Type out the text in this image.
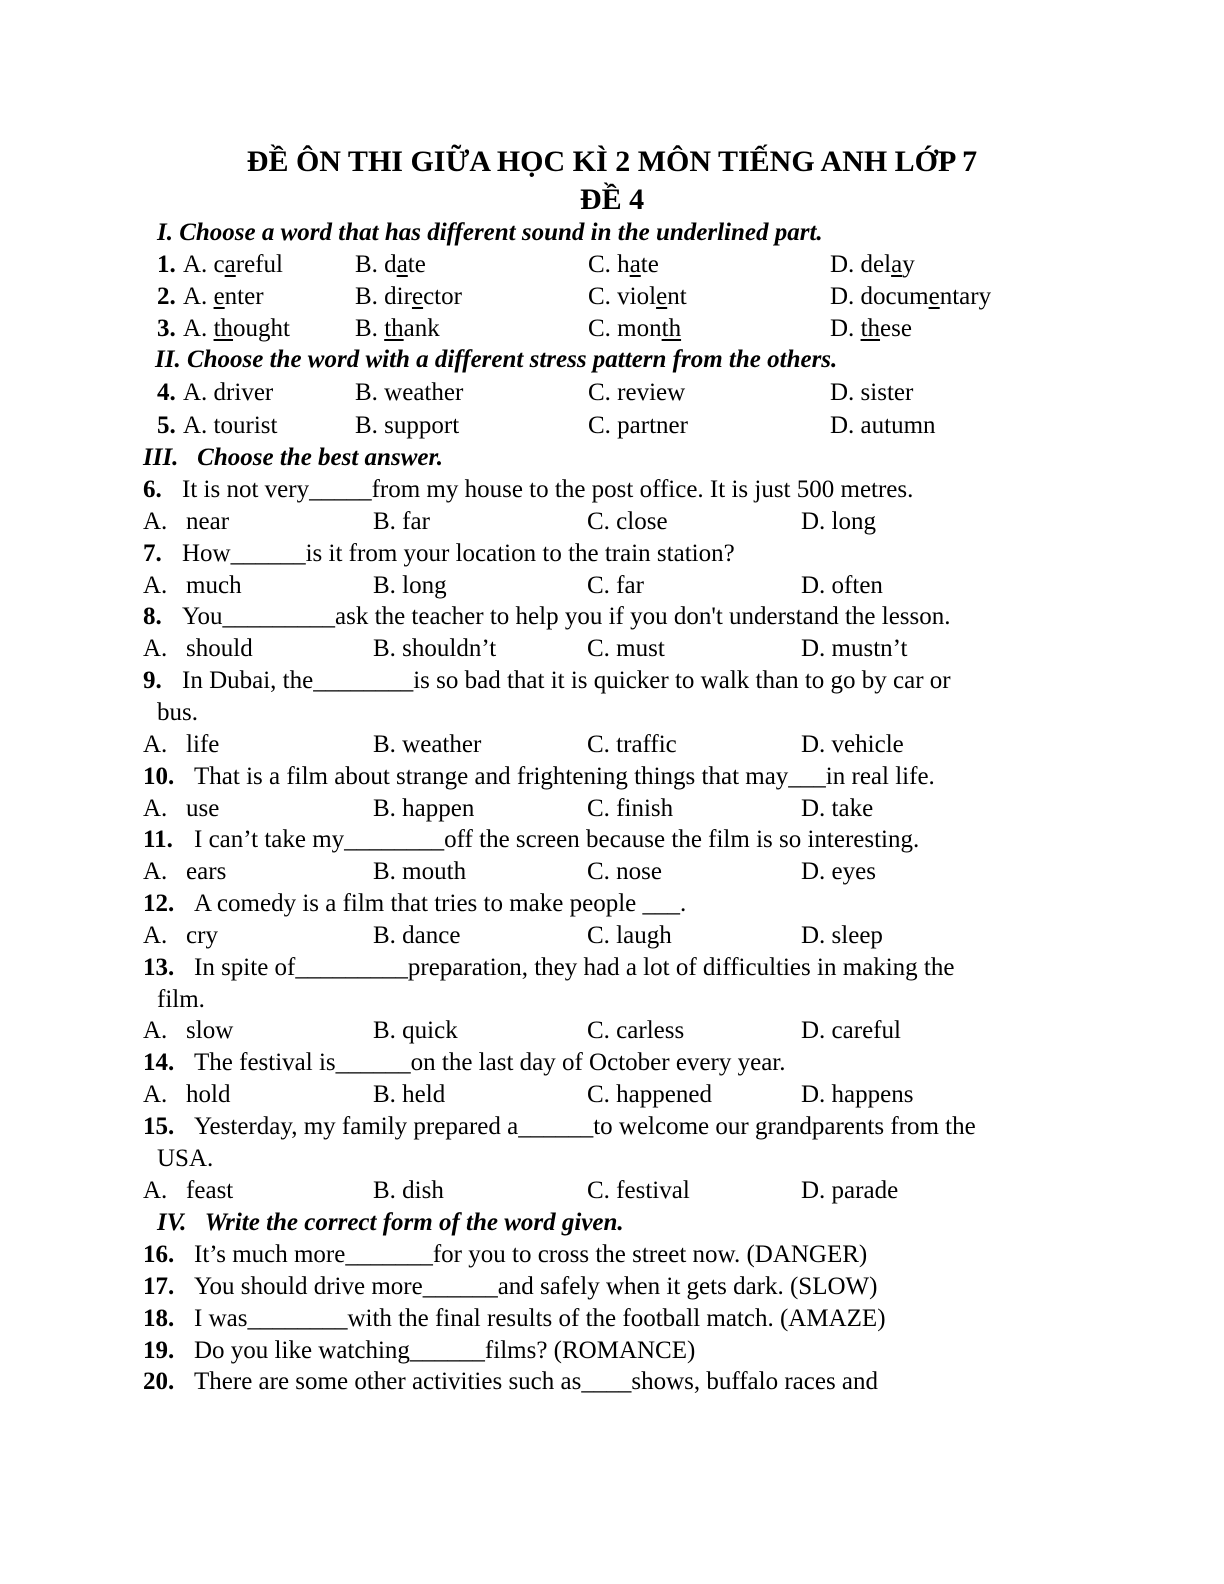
ĐỀ ÔN THI GIỮA HỌC KÌ 2 MÔN TIẾNG ANH LỚP 7
ĐỀ 4
I. Choose a word that has different sound in the underlined part.
1. A. careful	B. date	C. hate	D. delay
2. A. enter	B. director	C. violent	D. documentary
3. A. thought	B. thank	C. month	D. these
II. Choose the word with a different stress pattern from the others.
4. A. driver	B. weather	C. review	D. sister
5. A. tourist	B. support	C. partner	D. autumn
III.   Choose the best answer.
6. It is not very_____from my house to the post office. It is just 500 metres.
A.   near	B. far	C. close	D. long
7. How______is it from your location to the train station?
A.   much	B. long	C. far	D. often
8. You_________ask the teacher to help you if you don't understand the lesson.
A.   should	B. shouldn’t	C. must	D. mustn’t
9. In Dubai, the________is so bad that it is quicker to walk than to go by car or
bus.
A.   life	B. weather	C. traffic	D. vehicle
10. That is a film about strange and frightening things that may___in real life.
A.   use	B. happen	C. finish	D. take
11. I can’t take my________off the screen because the film is so interesting.
A.   ears	B. mouth	C. nose	D. eyes
12. A comedy is a film that tries to make people ___.
A.   cry	B. dance	C. laugh	D. sleep
13. In spite of_________preparation, they had a lot of difficulties in making the
film.
A.   slow	B. quick	C. carless	D. careful
14. The festival is______on the last day of October every year.
A.   hold	B. held	C. happened	D. happens
15. Yesterday, my family prepared a______to welcome our grandparents from the
USA.
A.   feast	B. dish	C. festival	D. parade
IV.   Write the correct form of the word given.
16. It’s much more_______for you to cross the street now. (DANGER)
17. You should drive more______and safely when it gets dark. (SLOW)
18. I was________with the final results of the football match. (AMAZE)
19. Do you like watching______films? (ROMANCE)
20. There are some other activities such as____shows, buffalo races and
